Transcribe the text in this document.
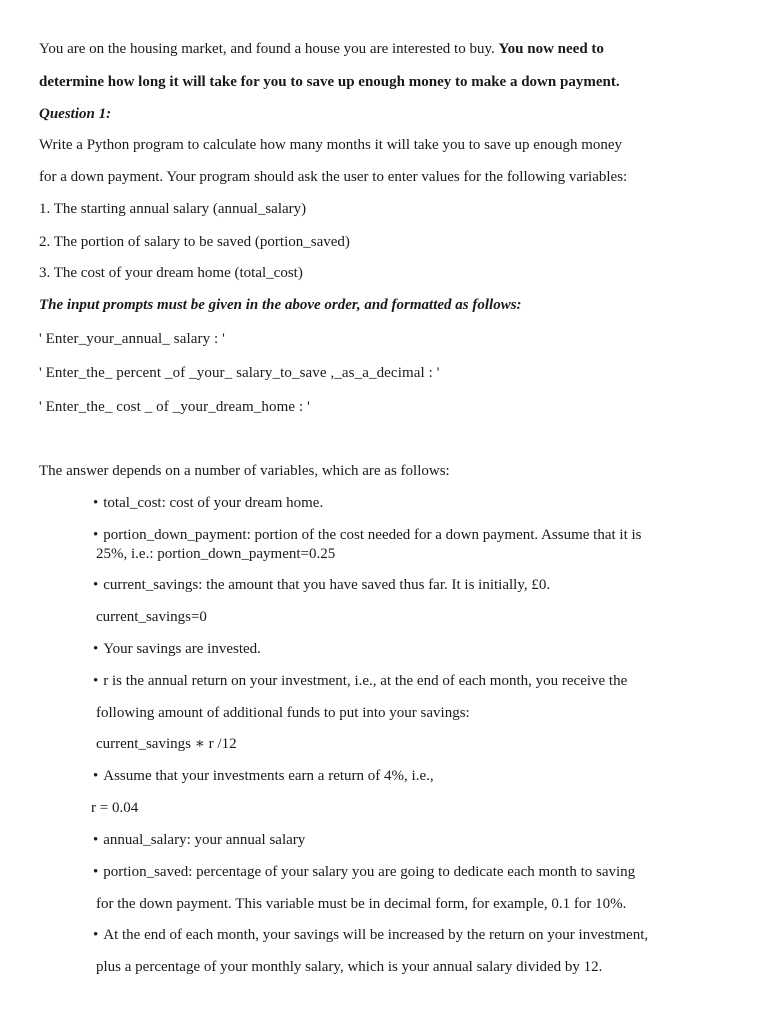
You are on the housing market, and found a house you are interested to buy. You now need to
determine how long it will take for you to save up enough money to make a down payment.
Question 1:
Write a Python program to calculate how many months it will take you to save up enough money
for a down payment. Your program should ask the user to enter values for the following variables:
1. The starting annual salary (annual_salary)
2. The portion of salary to be saved (portion_saved)
3. The cost of your dream home (total_cost)
The input prompts must be given in the above order, and formatted as follows:
' Enter_your_annual_ salary : '
' Enter_the_ percent _of _your_ salary_to_save ,_as_a_decimal : '
' Enter_the_ cost _ of _your_dream_home : '
The answer depends on a number of variables, which are as follows:
• total_cost: cost of your dream home.
• portion_down_payment: portion of the cost needed for a down payment. Assume that it is
25%, i.e.: portion_down_payment=0.25
• current_savings: the amount that you have saved thus far. It is initially, £0.
current_savings=0
• Your savings are invested.
• r is the annual return on your investment, i.e., at the end of each month, you receive the
following amount of additional funds to put into your savings:
current_savings ∗ r /12
• Assume that your investments earn a return of 4%, i.e.,
r = 0.04
• annual_salary: your annual salary
• portion_saved: percentage of your salary you are going to dedicate each month to saving
for the down payment. This variable must be in decimal form, for example, 0.1 for 10%.
• At the end of each month, your savings will be increased by the return on your investment,
plus a percentage of your monthly salary, which is your annual salary divided by 12.
